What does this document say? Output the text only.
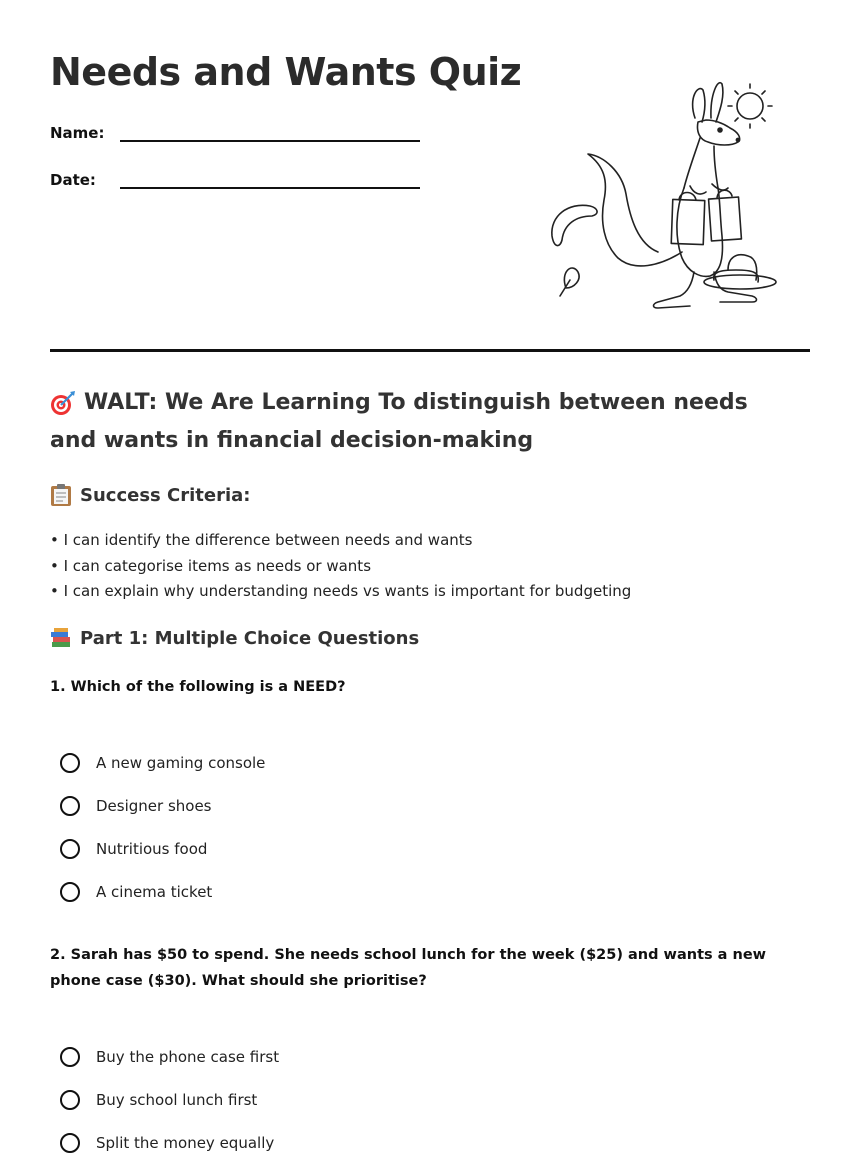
Needs and Wants Quiz
Name:
Date:
WALT: We Are Learning To distinguish between needs and wants in financial decision-making
Success Criteria:
• I can identify the difference between needs and wants
• I can categorise items as needs or wants
• I can explain why understanding needs vs wants is important for budgeting
Part 1: Multiple Choice Questions

1. Which of the following is a NEED?

A new gaming console
Designer shoes
Nutritious food
A cinema ticket

2. Sarah has $50 to spend. She needs school lunch for the week ($25) and wants a new phone case ($30). What should she prioritise?

Buy the phone case first
Buy school lunch first
Split the money equally
